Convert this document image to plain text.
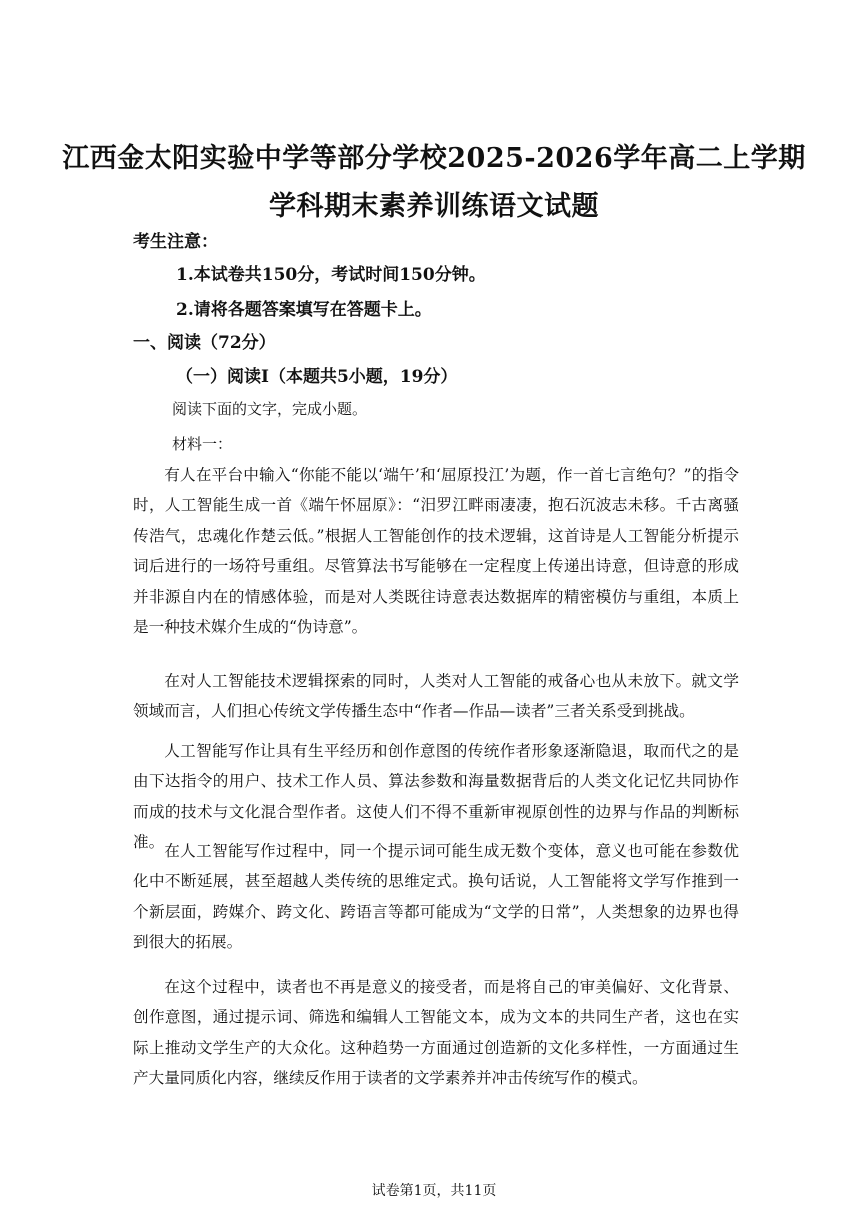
江西金太阳实验中学等部分学校2025-2026学年高二上学期
学科期末素养训练语文试题
考生注意：
1.本试卷共150分，考试时间150分钟。
2.请将各题答案填写在答题卡上。
一、阅读（72分）
（一）阅读I（本题共5小题，19分）
阅读下面的文字，完成小题。
材料一：

有人在平台中输入“你能不能以‘端午’和‘屈原投江’为题，作一首七言绝句？”的指令时，人工智能生成一首《端午怀屈原》：“汨罗江畔雨凄凄，抱石沉波志未移。千古离骚传浩气，忠魂化作楚云低。”根据人工智能创作的技术逻辑，这首诗是人工智能分析提示词后进行的一场符号重组。尽管算法书写能够在一定程度上传递出诗意，但诗意的形成并非源自内在的情感体验，而是对人类既往诗意表达数据库的精密模仿与重组，本质上是一种技术媒介生成的“伪诗意”。

在对人工智能技术逻辑探索的同时，人类对人工智能的戒备心也从未放下。就文学领域而言，人们担心传统文学传播生态中“作者—作品—读者”三者关系受到挑战。

人工智能写作让具有生平经历和创作意图的传统作者形象逐渐隐退，取而代之的是由下达指令的用户、技术工作人员、算法参数和海量数据背后的人类文化记忆共同协作而成的技术与文化混合型作者。这使人们不得不重新审视原创性的边界与作品的判断标准。 在人工智能写作过程中，同一个提示词可能生成无数个变体，意义也可能在参数优化中不断延展，甚至超越人类传统的思维定式。换句话说，人工智能将文学写作推到一个新层面，跨媒介、跨文化、跨语言等都可能成为“文学的日常”，人类想象的边界也得到很大的拓展。

在这个过程中，读者也不再是意义的接受者，而是将自己的审美偏好、文化背景、创作意图，通过提示词、筛选和编辑人工智能文本，成为文本的共同生产者，这也在实际上推动文学生产的大众化。这种趋势一方面通过创造新的文化多样性，一方面通过生产大量同质化内容，继续反作用于读者的文学素养并冲击传统写作的模式。

试卷第1页，共11页
